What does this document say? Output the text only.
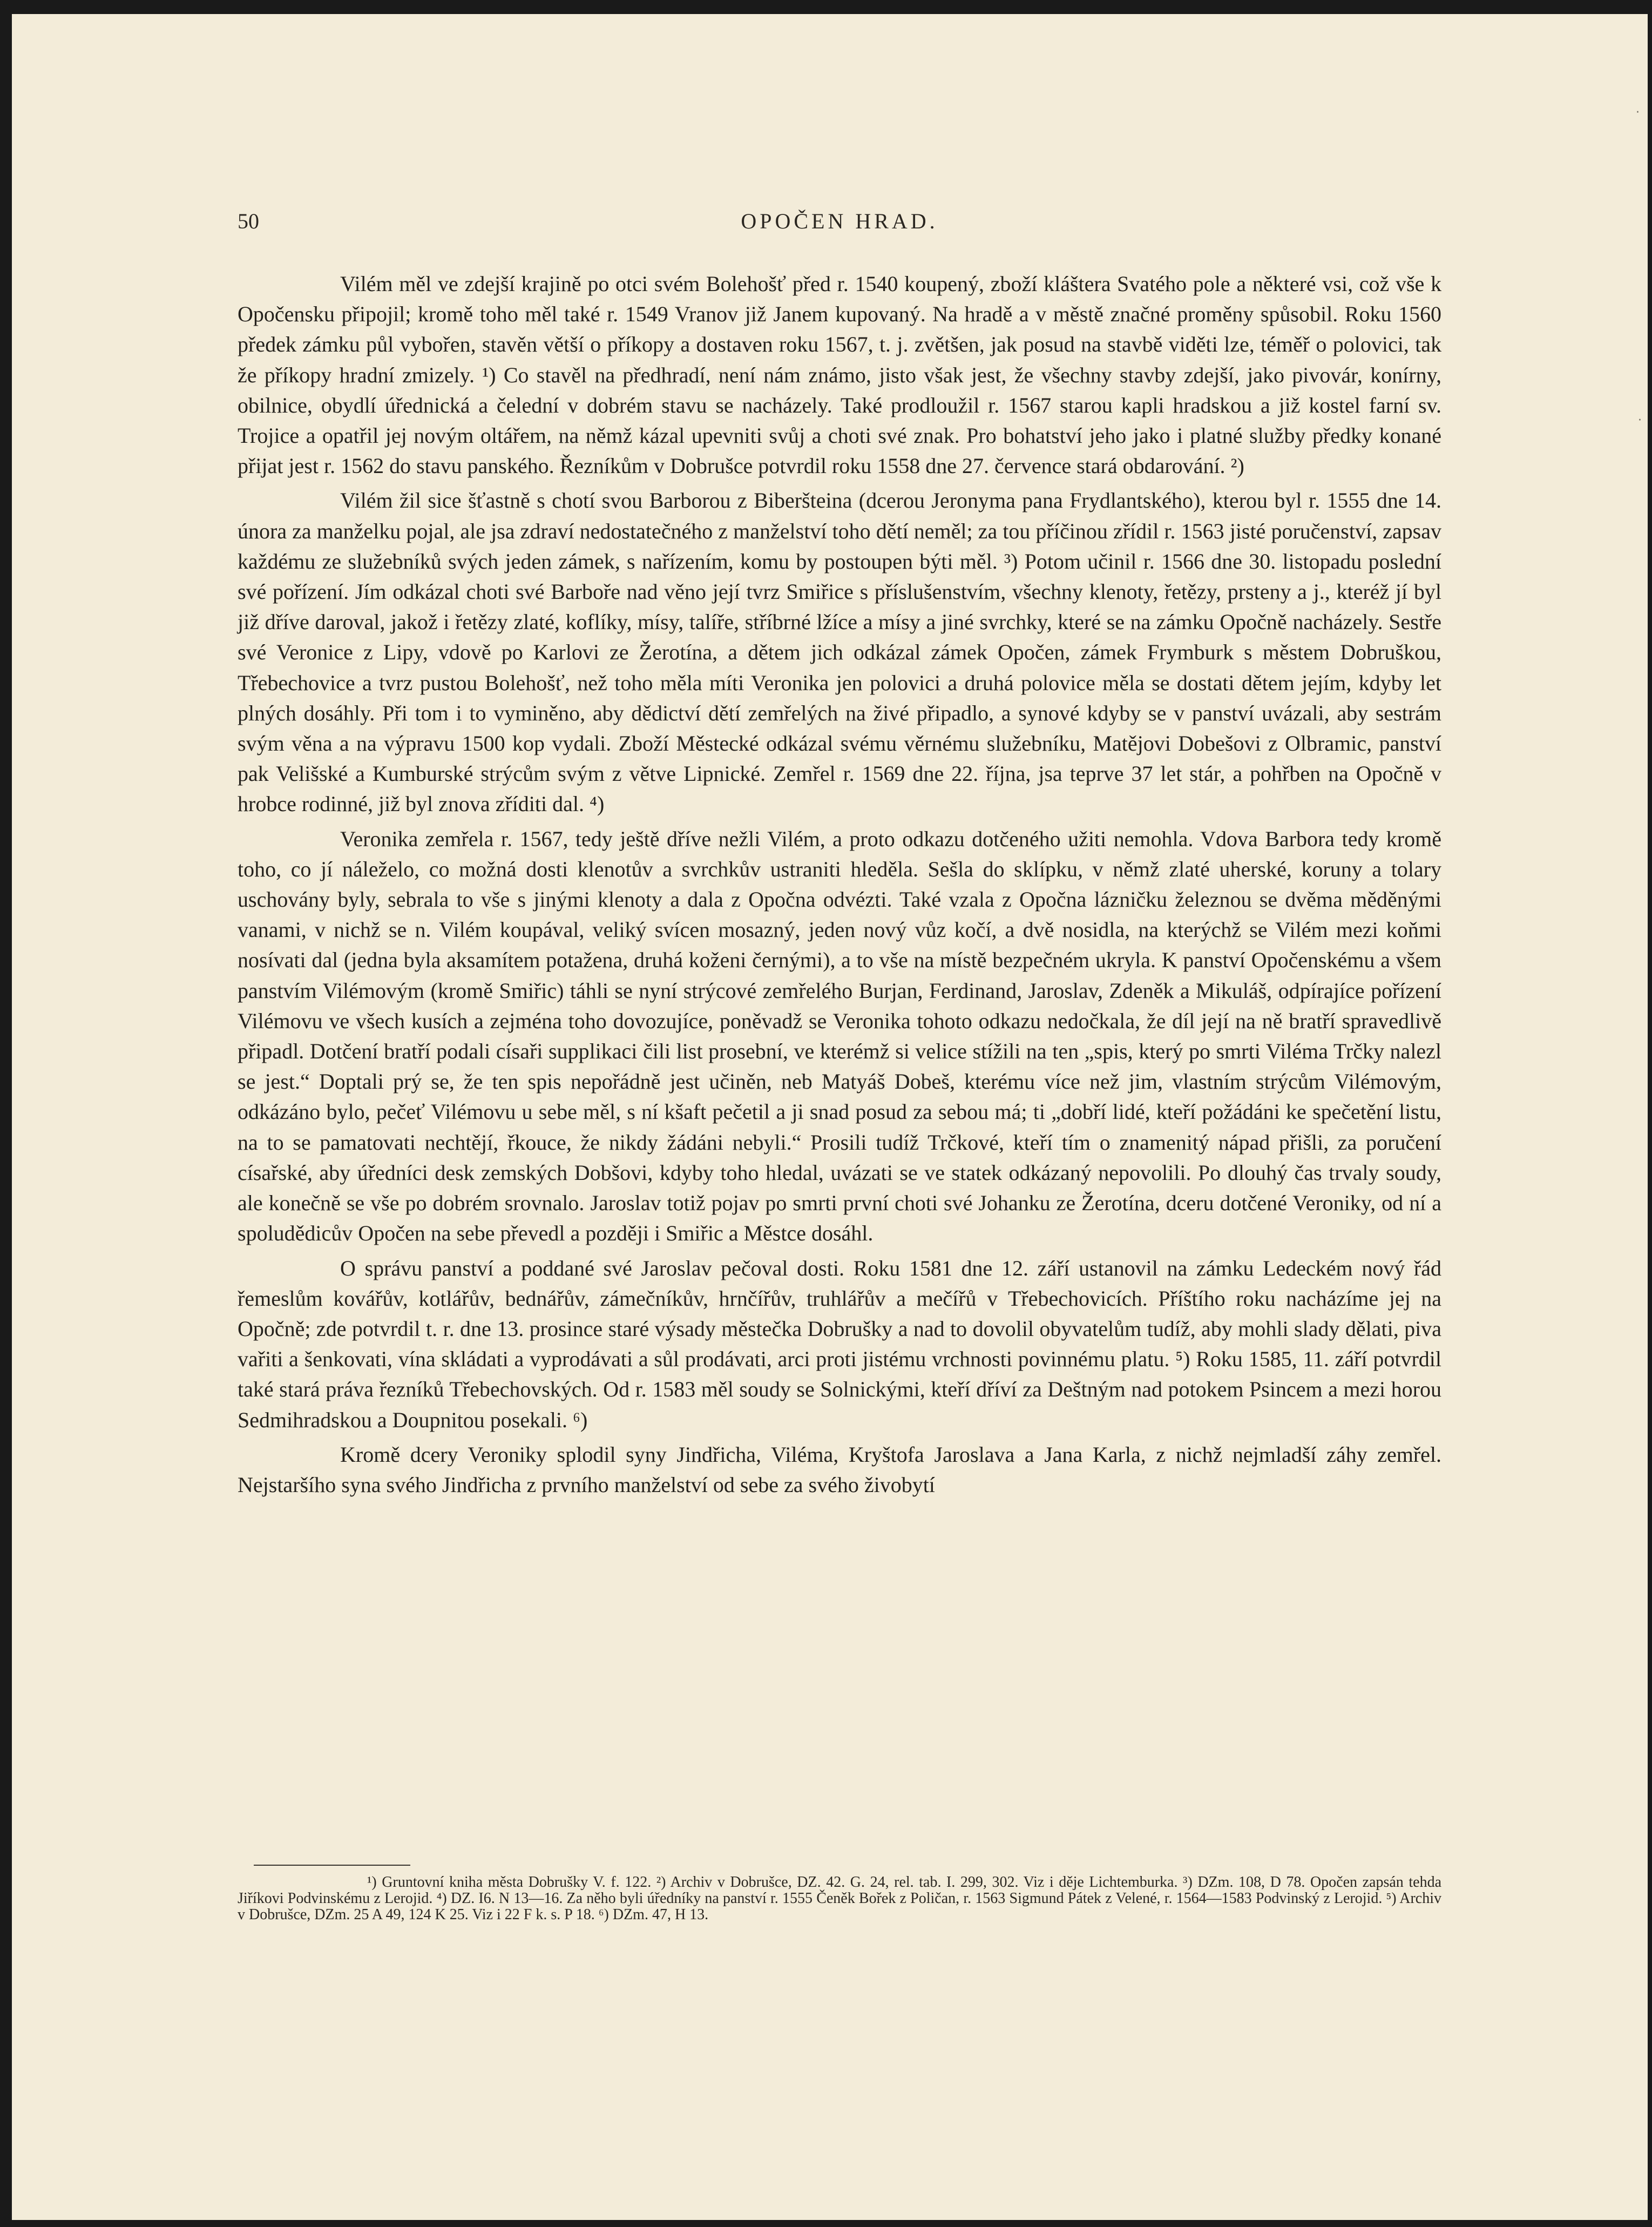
50	OPOČEN HRAD.

Vilém měl ve zdejší krajině po otci svém Bolehošť před r. 1540 koupený, zboží kláštera Svatého pole a některé vsi, což vše k Opočensku připojil; kromě toho měl také r. 1549 Vranov již Janem kupovaný. Na hradě a v městě značné proměny spůsobil. Roku 1560 předek zámku půl vybořen, stavěn větší o příkopy a dostaven roku 1567, t. j. zvětšen, jak posud na stavbě viděti lze, téměř o polovici, tak že příkopy hradní zmizely. ¹) Co stavěl na předhradí, není nám známo, jisto však jest, že všechny stavby zdejší, jako pivovár, konírny, obilnice, obydlí úřednická a čelední v dobrém stavu se nacházely. Také prodloužil r. 1567 starou kapli hradskou a již kostel farní sv. Trojice a opatřil jej novým oltářem, na němž kázal upevniti svůj a choti své znak. Pro bohatství jeho jako i platné služby předky konané přijat jest r. 1562 do stavu panského. Řezníkům v Dobrušce potvrdil roku 1558 dne 27. července stará obdarování. ²)

Vilém žil sice šťastně s chotí svou Barborou z Biberšteina (dcerou Jeronyma pana Frydlantského), kterou byl r. 1555 dne 14. února za manželku pojal, ale jsa zdraví nedostatečného z manželství toho dětí neměl; za tou příčinou zřídil r. 1563 jisté poručenství, zapsav každému ze služebníků svých jeden zámek, s nařízením, komu by postoupen býti měl. ³) Potom učinil r. 1566 dne 30. listopadu poslední své pořízení. Jím odkázal choti své Barboře nad věno její tvrz Smiřice s příslušenstvím, všechny klenoty, řetězy, prsteny a j., kteréž jí byl již dříve daroval, jakož i řetězy zlaté, koflíky, mísy, talíře, stříbrné lžíce a mísy a jiné svrchky, které se na zámku Opočně nacházely. Sestře své Veronice z Lipy, vdově po Karlovi ze Žerotína, a dětem jich odkázal zámek Opočen, zámek Frymburk s městem Dobruškou, Třebechovice a tvrz pustou Bolehošť, než toho měla míti Veronika jen polovici a druhá polovice měla se dostati dětem jejím, kdyby let plných dosáhly. Při tom i to vyminěno, aby dědictví dětí zemřelých na živé připadlo, a synové kdyby se v panství uvázali, aby sestrám svým věna a na výpravu 1500 kop vydali. Zboží Městecké odkázal svému věrnému služebníku, Matějovi Dobešovi z Olbramic, panství pak Velišské a Kumburské strýcům svým z větve Lipnické. Zemřel r. 1569 dne 22. října, jsa teprve 37 let stár, a pohřben na Opočně v hrobce rodinné, již byl znova zříditi dal. ⁴)

Veronika zemřela r. 1567, tedy ještě dříve nežli Vilém, a proto odkazu dotčeného užiti nemohla. Vdova Barbora tedy kromě toho, co jí náleželo, co možná dosti klenotův a svrchkův ustraniti hleděla. Sešla do sklípku, v němž zlaté uherské, koruny a tolary uschovány byly, sebrala to vše s jinými klenoty a dala z Opočna odvézti. Také vzala z Opočna lázničku železnou se dvěma měděnými vanami, v nichž se n. Vilém koupával, veliký svícen mosazný, jeden nový vůz kočí, a dvě nosidla, na kterýchž se Vilém mezi koňmi nosívati dal (jedna byla aksamítem potažena, druhá koženi černými), a to vše na místě bezpečném ukryla. K panství Opočenskému a všem panstvím Vilémovým (kromě Smiřic) táhli se nyní strýcové zemřelého Burjan, Ferdinand, Jaroslav, Zdeněk a Mikuláš, odpírajíce pořízení Vilémovu ve všech kusích a zejména toho dovozujíce, poněvadž se Veronika tohoto odkazu nedočkala, že díl její na ně bratří spravedlivě připadl. Dotčení bratří podali císaři supplikaci čili list prosební, ve kterémž si velice stížili na ten „spis, který po smrti Viléma Trčky nalezl se jest.“ Doptali prý se, že ten spis nepořádně jest učiněn, neb Matyáš Dobeš, kterému více než jim, vlastním strýcům Vilémovým, odkázáno bylo, pečeť Vilémovu u sebe měl, s ní kšaft pečetil a ji snad posud za sebou má; ti „dobří lidé, kteří požádáni ke spečetění listu, na to se pamatovati nechtějí, řkouce, že nikdy žádáni nebyli.“ Prosili tudíž Trčkové, kteří tím o znamenitý nápad přišli, za poručení císařské, aby úředníci desk zemských Dobšovi, kdyby toho hledal, uvázati se ve statek odkázaný nepovolili. Po dlouhý čas trvaly soudy, ale konečně se vše po dobrém srovnalo. Jaroslav totiž pojav po smrti první choti své Johanku ze Žerotína, dceru dotčené Veroniky, od ní a spoludědicův Opočen na sebe převedl a později i Smiřic a Městce dosáhl.

O správu panství a poddané své Jaroslav pečoval dosti. Roku 1581 dne 12. září ustanovil na zámku Ledeckém nový řád řemeslům kovářův, kotlářův, bednářův, zámečníkův, hrnčířův, truhlářův a mečířů v Třebechovicích. Příštího roku nacházíme jej na Opočně; zde potvrdil t. r. dne 13. prosince staré výsady městečka Dobrušky a nad to dovolil obyvatelům tudíž, aby mohli slady dělati, piva vařiti a šenkovati, vína skládati a vyprodávati a sůl prodávati, arci proti jistému vrchnosti povinnému platu. ⁵) Roku 1585, 11. září potvrdil také stará práva řezníků Třebechovských. Od r. 1583 měl soudy se Solnickými, kteří dříví za Deštným nad potokem Psincem a mezi horou Sedmihradskou a Doupnitou posekali. ⁶)

Kromě dcery Veroniky splodil syny Jindřicha, Viléma, Kryštofa Jaroslava a Jana Karla, z nichž nejmladší záhy zemřel. Nejstaršího syna svého Jindřicha z prvního manželství od sebe za svého živobytí

¹) Gruntovní kniha města Dobrušky V. f. 122. ²) Archiv v Dobrušce, DZ. 42. G. 24, rel. tab. I. 299, 302. Viz i děje Lichtemburka. ³) DZm. 108, D 78. Opočen zapsán tehda Jiříkovi Podvinskému z Lerojid. ⁴) DZ. I6. N 13—16. Za něho byli úředníky na panství r. 1555 Čeněk Bořek z Poličan, r. 1563 Sigmund Pátek z Velené, r. 1564—1583 Podvinský z Lerojid. ⁵) Archiv v Dobrušce, DZm. 25 A 49, 124 K 25. Viz i 22 F k. s. P 18. ⁶) DZm. 47, H 13.

·
·
